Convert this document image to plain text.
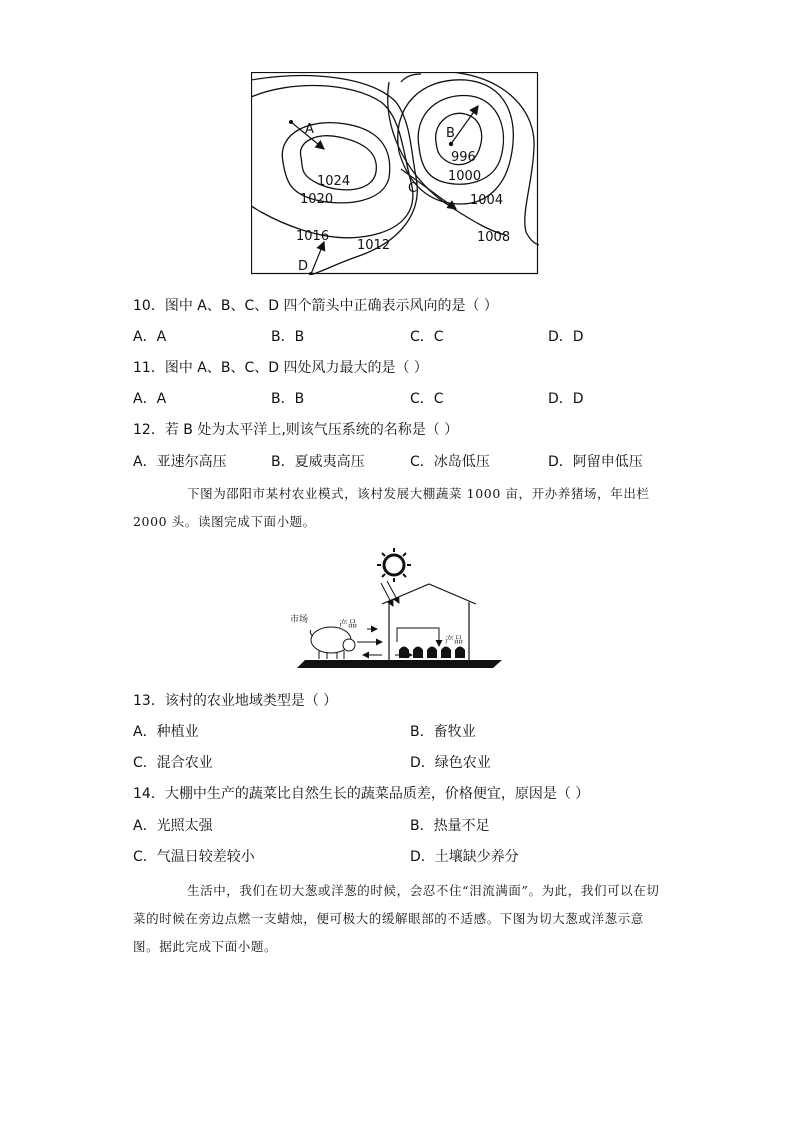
1024
1020
1016
1012
996
1000
1004
1008
A	B
C
D
10．图中 A、B、C、D 四个箭头中正确表示风向的是（ ）
A．A	B．B	C．C	D．D
11．图中 A、B、C、D 四处风力最大的是（ ）
A．A	B．B	C．C	D．D
12．若 B 处为太平洋上,则该气压系统的名称是（ ）
A．亚速尔高压	B．夏威夷高压	C．冰岛低压	D．阿留申低压
下图为邵阳市某村农业模式，该村发展大棚蔬菜 1000 亩，开办养猪场，年出栏 2000 头。读图完成下面小题。
市场	产品
产品
13．该村的农业地域类型是（ ）
A．种植业	B．畜牧业
C．混合农业	D．绿色农业
14．大棚中生产的蔬菜比自然生长的蔬菜品质差，价格便宜，原因是（ ）
A．光照太强	B．热量不足
C．气温日较差较小	D．土壤缺少养分
生活中，我们在切大葱或洋葱的时候，会忍不住“泪流满面”。为此，我们可以在切菜的时候在旁边点燃一支蜡烛，便可极大的缓解眼部的不适感。下图为切大葱或洋葱示意图。据此完成下面小题。
